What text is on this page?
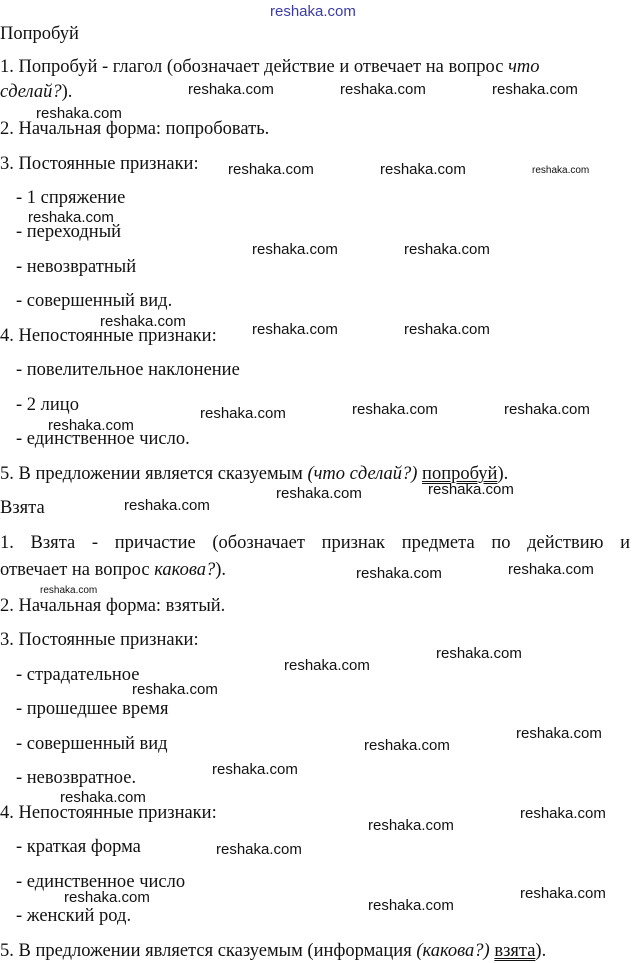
reshaka.com
Попробуй
1. Попробуй - глагол (обозначает действие и отвечает на вопрос что
сделай?).
2. Начальная форма: попробовать.
3. Постоянные признаки:
- 1 спряжение
- переходный
- невозвратный
- совершенный вид.
4. Непостоянные признаки:
- повелительное наклонение
- 2 лицо
- единственное число.
5. В предложении является сказуемым (что сделай?) попробуй).
Взята
1. Взята - причастие (обозначает признак предмета по действию и
отвечает на вопрос какова?).
2. Начальная форма: взятый.
3. Постоянные признаки:
- страдательное
- прошедшее время
- совершенный вид
- невозвратное.
4. Непостоянные признаки:
- краткая форма
- единственное число
- женский род.
5. В предложении является сказуемым (информация (какова?) взята).
reshaka.com	reshaka.com	reshaka.com
reshaka.com
reshaka.com	reshaka.com	reshaka.com
reshaka.com
reshaka.com	reshaka.com
reshaka.com	reshaka.com	reshaka.com
reshaka.com	reshaka.com	reshaka.com
reshaka.com
reshaka.com	reshaka.com
reshaka.com
reshaka.com	reshaka.com
reshaka.com
reshaka.com
reshaka.com
reshaka.com
reshaka.com
reshaka.com
reshaka.com
reshaka.com
reshaka.com
reshaka.com
reshaka.com
reshaka.com	reshaka.com
reshaka.com
